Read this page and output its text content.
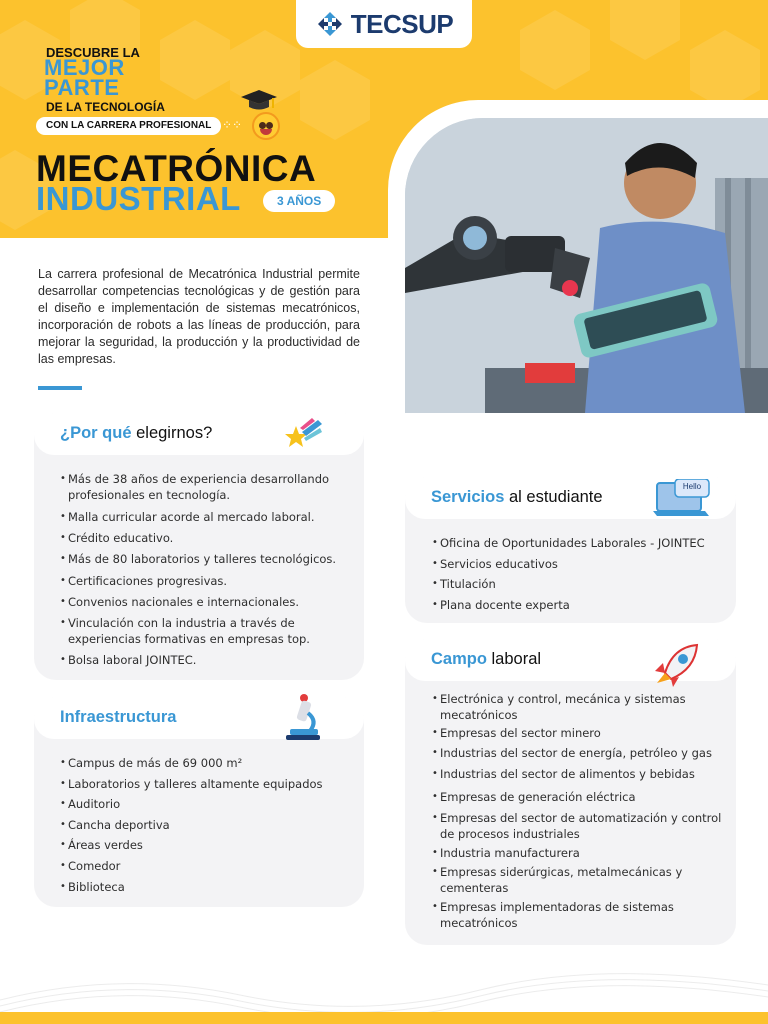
TECSUP
DESCUBRE LA
MEJOR
PARTE
DE LA TECNOLOGÍA
CON LA CARRERA PROFESIONAL ⁘⁘
MECATRÓNICA
INDUSTRIAL	3 AÑOS

La carrera profesional de Mecatrónica Industrial permite desarrollar competencias tecnológicas y de gestión para el diseño e implementación de sistemas mecatrónicos, incorporación de robots a las líneas de producción, para mejorar la seguridad, la producción y la productividad de las empresas.

¿Por qué elegirnos?
• Más de 38 años de experiencia desarrollando profesionales en tecnología.
• Malla curricular acorde al mercado laboral.
• Crédito educativo.
• Más de 80 laboratorios y talleres tecnológicos.
• Certificaciones progresivas.
• Convenios nacionales e internacionales.
• Vinculación con la industria a través de experiencias formativas en empresas top.
• Bolsa laboral JOINTEC.
Infraestructura
• Campus de más de 69 000 m²
• Laboratorios y talleres altamente equipados
• Auditorio
• Cancha deportiva
• Áreas verdes
• Comedor
• Biblioteca
Servicios al estudiante
Hello
• Oficina de Oportunidades Laborales - JOINTEC
• Servicios educativos
• Titulación
• Plana docente experta
Campo laboral
• Electrónica y control, mecánica y sistemas mecatrónicos
• Empresas del sector minero
• Industrias del sector de energía, petróleo y gas
• Industrias del sector de alimentos y bebidas
• Empresas de generación eléctrica
• Empresas del sector de automatización y control de procesos industriales
• Industria manufacturera
• Empresas siderúrgicas, metalmecánicas y cementeras
• Empresas implementadoras de sistemas mecatrónicos
